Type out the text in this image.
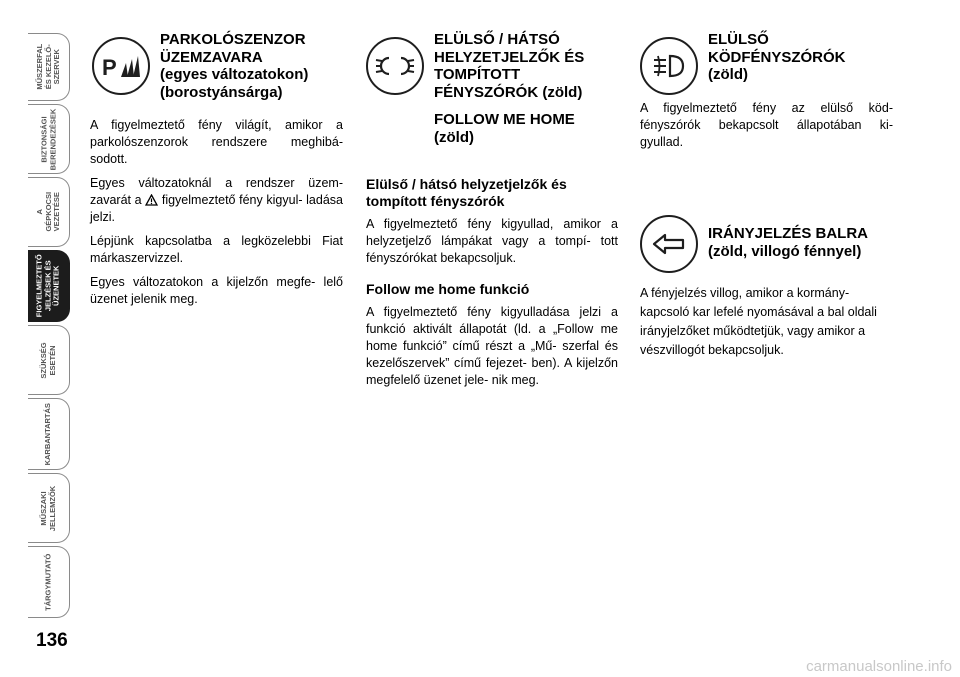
MŰSZERFAL ÉS KEZELŐ- SZERVEK
BIZTONSÁGI BERENDEZÉSEK
A GÉPKOCSI VEZETÉSE
FIGYELMEZTETŐ JELZÉSEK ÉS ÜZENETEK
SZÜKSÉG ESETÉN
KARBANTARTÁS
MŰSZAKI JELLEMZŐK
TÁRGYMUTATÓ
136
P
PARKOLÓSZENZOR ÜZEMZAVARA
(egyes változatokon) (borostyánsárga)

A figyelmeztető fény világít, amikor a parkolószenzorok rendszere meghibá- sodott.

Egyes változatoknál a rendszer üzem- zavarát a figyelmeztető fény kigyul- ladása jelzi.

Lépjünk kapcsolatba a legközelebbi Fiat márkaszervizzel.

Egyes változatokon a kijelzőn megfe- lelő üzenet jelenik meg.

ELÜLSŐ / HÁTSÓ HELYZETJELZŐK ÉS TOMPÍTOTT FÉNYSZÓRÓK (zöld)
FOLLOW ME HOME (zöld)

Elülső / hátsó helyzetjelzők és tompított fényszórók

A figyelmeztető fény kigyullad, amikor a helyzetjelző lámpákat vagy a tompí- tott fényszórókat bekapcsoljuk.

Follow me home funkció

A figyelmeztető fény kigyulladása jelzi a funkció aktivált állapotát (ld. a „Follow me home funkció” című részt a „Mű- szerfal és kezelőszervek” című fejezet- ben). A kijelzőn megfelelő üzenet jele- nik meg.

ELÜLSŐ KÖDFÉNYSZÓRÓK
(zöld)

A figyelmeztető fény az elülső köd- fényszórók bekapcsolt állapotában ki- gyullad.

IRÁNYJELZÉS BALRA (zöld, villogó fénnyel)

A fényjelzés villog, amikor a kormány- kapcsoló kar lefelé nyomásával a bal oldali irányjelzőket működtetjük, vagy amikor a vészvillogót bekapcsoljuk.

carmanualsonline.info
